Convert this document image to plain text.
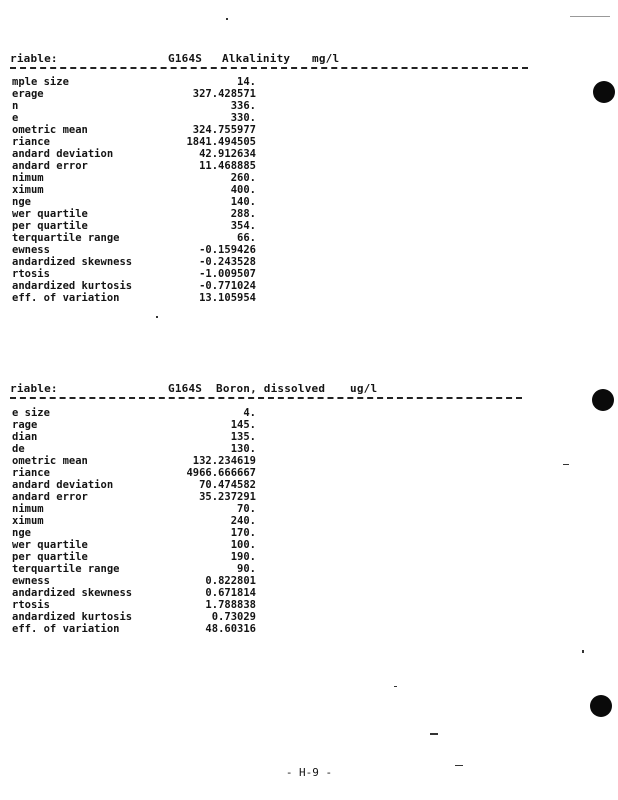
riable:	G164S Alkalinity mg/l
mple size	14.
erage	327.428571
n	336.
e	330.
ometric mean	324.755977
riance	1841.494505
andard deviation	42.912634
andard error	11.468885
nimum	260.
ximum	400.
nge	140.
wer quartile	288.
per quartile	354.
terquartile range	66.
ewness	-0.159426
andardized skewness	-0.243528
rtosis	-1.009507
andardized kurtosis	-0.771024
eff. of variation	13.105954
riable:	G164S Boron, dissolved ug/l
e size	4.
rage	145.
dian	135.
de	130.
ometric mean	132.234619
riance	4966.666667
andard deviation	70.474582
andard error	35.237291
nimum	70.
ximum	240.
nge	170.
wer quartile	100.
per quartile	190.
terquartile range	90.
ewness	0.822801
andardized skewness	0.671814
rtosis	1.788838
andardized kurtosis	0.73029
eff. of variation	48.60316
- H-9 -
